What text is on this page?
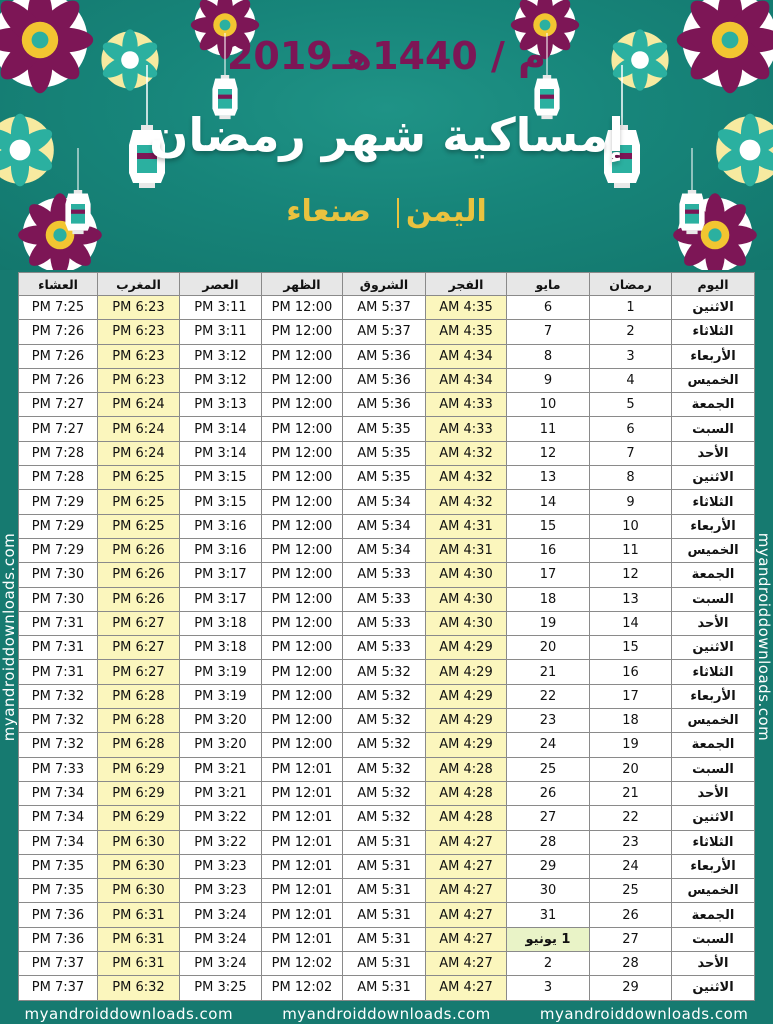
2019م / 1440هـ
إمساكية شهر رمضان
اليمن  صنعاء
myandroiddownloads.com	myandroiddownloads.com
اليوم	رمضان	مايو	الفجر	الشروق	الظهر	العصر	المغرب	العشاء
الاثنين	1	6	4:35 AM	5:37 AM	12:00 PM	3:11 PM	6:23 PM	7:25 PM
الثلاثاء	2	7	4:35 AM	5:37 AM	12:00 PM	3:11 PM	6:23 PM	7:26 PM
الأربعاء	3	8	4:34 AM	5:36 AM	12:00 PM	3:12 PM	6:23 PM	7:26 PM
الخميس	4	9	4:34 AM	5:36 AM	12:00 PM	3:12 PM	6:23 PM	7:26 PM
الجمعة	5	10	4:33 AM	5:36 AM	12:00 PM	3:13 PM	6:24 PM	7:27 PM
السبت	6	11	4:33 AM	5:35 AM	12:00 PM	3:14 PM	6:24 PM	7:27 PM
الأحد	7	12	4:32 AM	5:35 AM	12:00 PM	3:14 PM	6:24 PM	7:28 PM
الاثنين	8	13	4:32 AM	5:35 AM	12:00 PM	3:15 PM	6:25 PM	7:28 PM
الثلاثاء	9	14	4:32 AM	5:34 AM	12:00 PM	3:15 PM	6:25 PM	7:29 PM
الأربعاء	10	15	4:31 AM	5:34 AM	12:00 PM	3:16 PM	6:25 PM	7:29 PM
الخميس	11	16	4:31 AM	5:34 AM	12:00 PM	3:16 PM	6:26 PM	7:29 PM
الجمعة	12	17	4:30 AM	5:33 AM	12:00 PM	3:17 PM	6:26 PM	7:30 PM
السبت	13	18	4:30 AM	5:33 AM	12:00 PM	3:17 PM	6:26 PM	7:30 PM
الأحد	14	19	4:30 AM	5:33 AM	12:00 PM	3:18 PM	6:27 PM	7:31 PM
الاثنين	15	20	4:29 AM	5:33 AM	12:00 PM	3:18 PM	6:27 PM	7:31 PM
الثلاثاء	16	21	4:29 AM	5:32 AM	12:00 PM	3:19 PM	6:27 PM	7:31 PM
الأربعاء	17	22	4:29 AM	5:32 AM	12:00 PM	3:19 PM	6:28 PM	7:32 PM
الخميس	18	23	4:29 AM	5:32 AM	12:00 PM	3:20 PM	6:28 PM	7:32 PM
الجمعة	19	24	4:29 AM	5:32 AM	12:00 PM	3:20 PM	6:28 PM	7:32 PM
السبت	20	25	4:28 AM	5:32 AM	12:01 PM	3:21 PM	6:29 PM	7:33 PM
الأحد	21	26	4:28 AM	5:32 AM	12:01 PM	3:21 PM	6:29 PM	7:34 PM
الاثنين	22	27	4:28 AM	5:32 AM	12:01 PM	3:22 PM	6:29 PM	7:34 PM
الثلاثاء	23	28	4:27 AM	5:31 AM	12:01 PM	3:22 PM	6:30 PM	7:34 PM
الأربعاء	24	29	4:27 AM	5:31 AM	12:01 PM	3:23 PM	6:30 PM	7:35 PM
الخميس	25	30	4:27 AM	5:31 AM	12:01 PM	3:23 PM	6:30 PM	7:35 PM
الجمعة	26	31	4:27 AM	5:31 AM	12:01 PM	3:24 PM	6:31 PM	7:36 PM
السبت	27	1 يونيو	4:27 AM	5:31 AM	12:01 PM	3:24 PM	6:31 PM	7:36 PM
الأحد	28	2	4:27 AM	5:31 AM	12:02 PM	3:24 PM	6:31 PM	7:37 PM
الاثنين	29	3	4:27 AM	5:31 AM	12:02 PM	3:25 PM	6:32 PM	7:37 PM
myandroiddownloads.com	myandroiddownloads.com	myandroiddownloads.com
